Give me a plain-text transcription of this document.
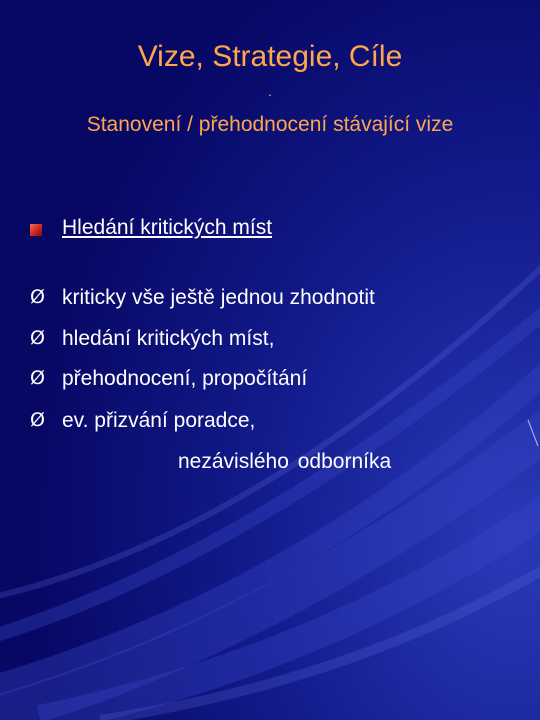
Vize, Strategie, Cíle
.
Stanovení / přehodnocení stávající vize
Hledání kritických míst
Ø kriticky vše ještě jednou zhodnotit
Ø hledání kritických míst,
Ø přehodnocení, propočítání
Ø ev. přizvání poradce,
nezávislého odborníka
